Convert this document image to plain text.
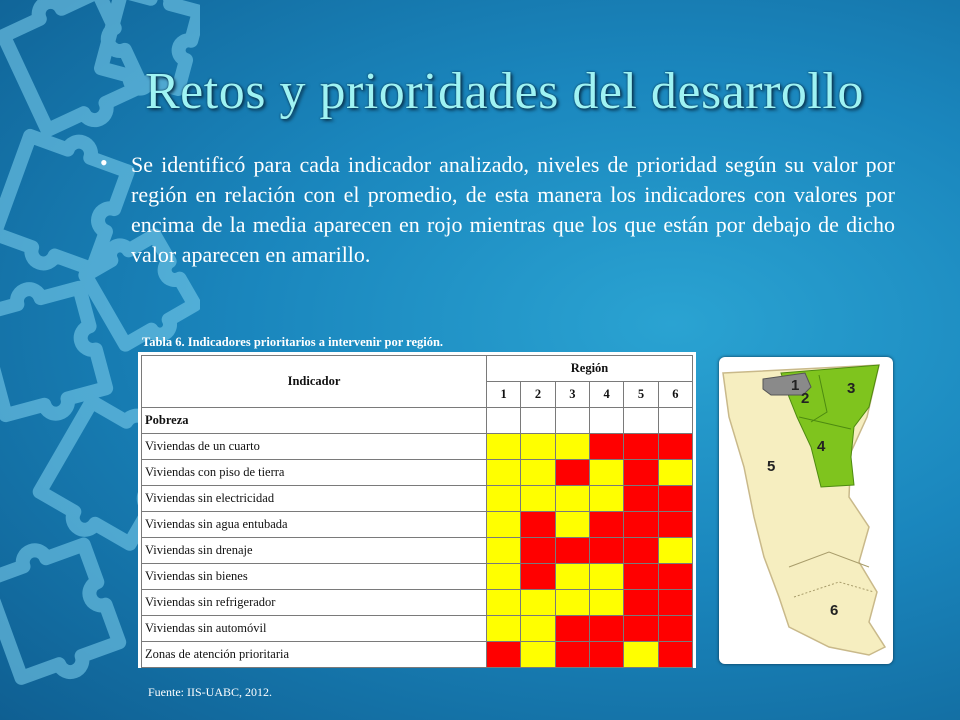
Retos y prioridades del desarrollo
• Se identificó para cada indicador analizado, niveles de prioridad según su valor por región en relación con el promedio, de esta manera los indicadores con valores por encima de la media aparecen en rojo mientras que los que están por debajo de dicho valor aparecen en amarillo.
Tabla 6. Indicadores prioritarios a intervenir por región.
Indicador	Región					
	1	2	3	4	5	6
Pobreza						
Viviendas de un cuarto						
Viviendas con piso de tierra						
Viviendas sin electricidad						
Viviendas sin agua entubada						
Viviendas sin drenaje						
Viviendas sin bienes						
Viviendas sin refrigerador						
Viviendas sin automóvil						
Zonas de atención prioritaria						
Fuente: IIS-UABC, 2012.
1
2
3
4
5
6
